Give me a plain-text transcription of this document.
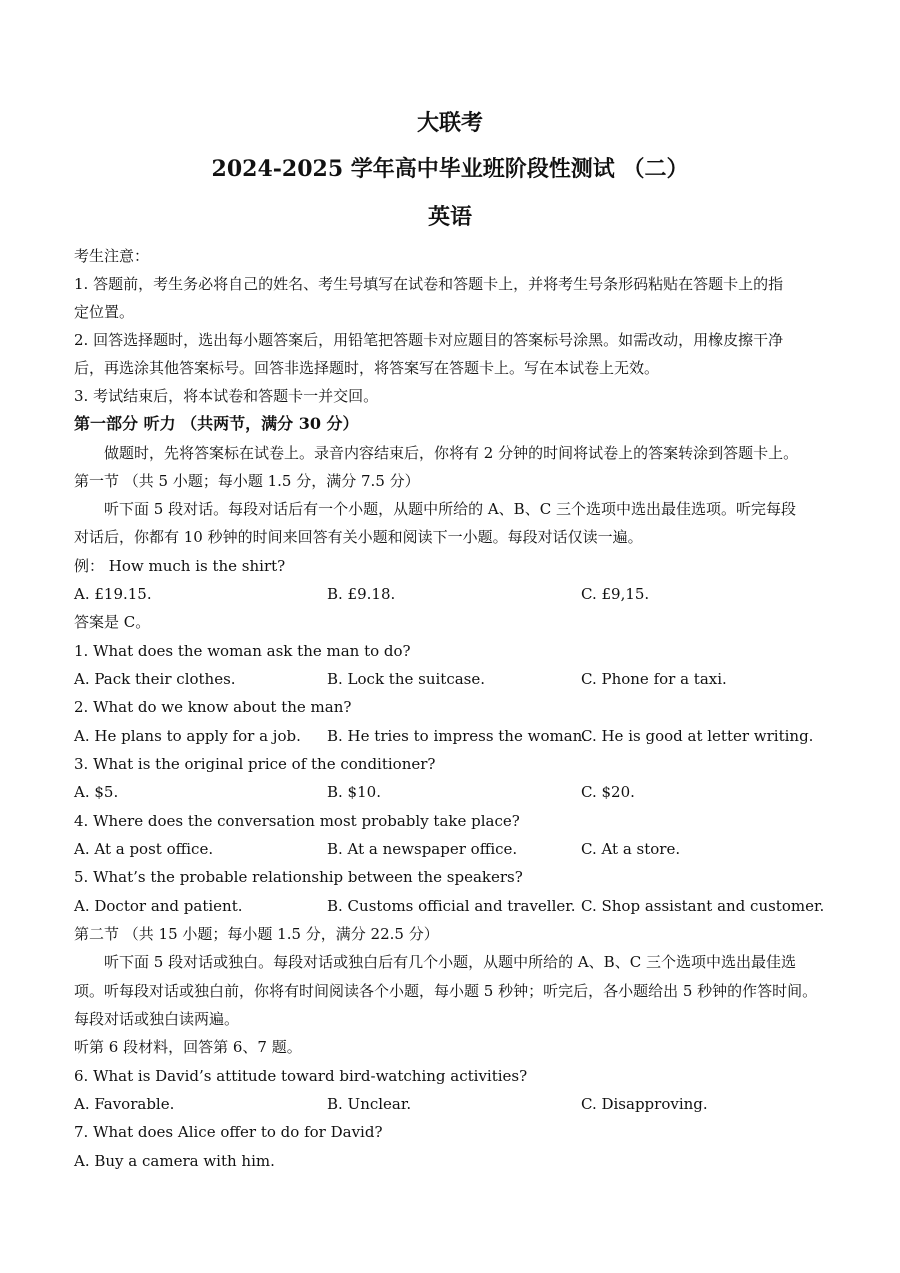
大联考
2024-2025 学年高中毕业班阶段性测试 （二）
英语
考生注意：
1. 答题前，考生务必将自己的姓名、考生号填写在试卷和答题卡上，并将考生号条形码粘贴在答题卡上的指
定位置。
2. 回答选择题时，选出每小题答案后，用铅笔把答题卡对应题目的答案标号涂黑。如需改动，用橡皮擦干净
后，再选涂其他答案标号。回答非选择题时，将答案写在答题卡上。写在本试卷上无效。
3. 考试结束后，将本试卷和答题卡一并交回。
第一部分 听力 （共两节，满分 30 分）
做题时，先将答案标在试卷上。录音内容结束后，你将有 2 分钟的时间将试卷上的答案转涂到答题卡上。
第一节 （共 5 小题；每小题 1.5 分，满分 7.5 分）
听下面 5 段对话。每段对话后有一个小题，从题中所给的 A、B、C 三个选项中选出最佳选项。听完每段
对话后，你都有 10 秒钟的时间来回答有关小题和阅读下一小题。每段对话仅读一遍。
例： How much is the shirt?
A. £19.15.	B. £9.18.	C. £9,15.
答案是 C。
1. What does the woman ask the man to do?
A. Pack their clothes.	B. Lock the suitcase.	C. Phone for a taxi.
2. What do we know about the man?
A. He plans to apply for a job. B. He tries to impress the woman.
C. He is good at letter writing.
3. What is the original price of the conditioner?
A. $5.	B. $10.	C. $20.
4. Where does the conversation most probably take place?
A. At a post office.	B. At a newspaper office.	C. At a store.
5. What’s the probable relationship between the speakers?
A. Doctor and patient.	B. Customs official and traveller. C. Shop assistant and customer.
第二节 （共 15 小题；每小题 1.5 分，满分 22.5 分）
听下面 5 段对话或独白。每段对话或独白后有几个小题，从题中所给的 A、B、C 三个选项中选出最佳选
项。听每段对话或独白前，你将有时间阅读各个小题，每小题 5 秒钟；听完后，各小题给出 5 秒钟的作答时间。
每段对话或独白读两遍。
听第 6 段材料，回答第 6、7 题。
6. What is David’s attitude toward bird-watching activities?
A. Favorable.	B. Unclear.	C. Disapproving.
7. What does Alice offer to do for David?
A. Buy a camera with him.
